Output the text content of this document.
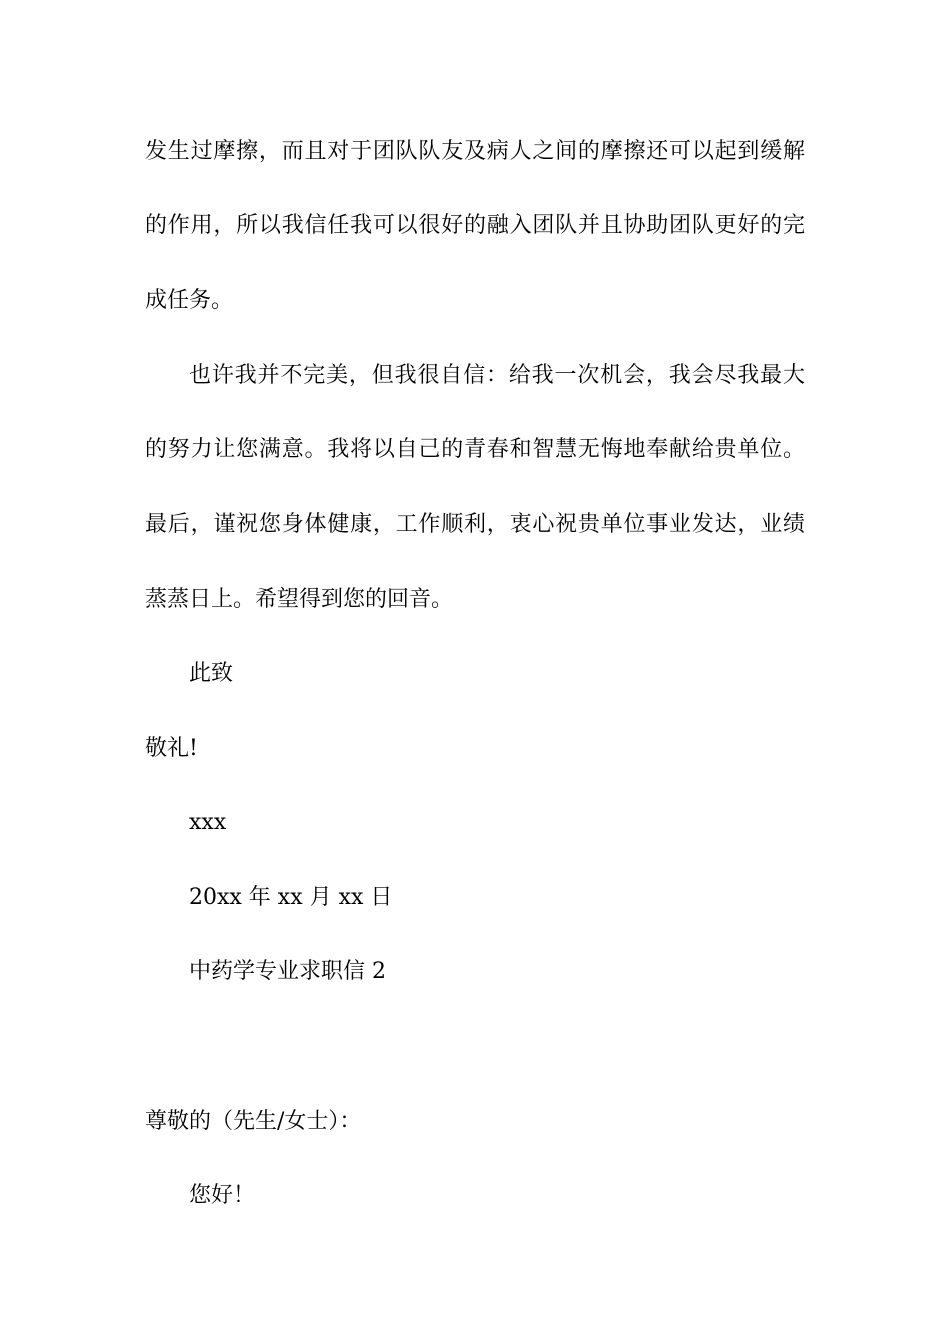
发生过摩擦，而且对于团队队友及病人之间的摩擦还可以起到缓解
的作用，所以我信任我可以很好的融入团队并且协助团队更好的完
成任务。
也许我并不完美，但我很自信：给我一次机会，我会尽我最大
的努力让您满意。我将以自己的青春和智慧无悔地奉献给贵单位。
最后，谨祝您身体健康，工作顺利，衷心祝贵单位事业发达，业绩
蒸蒸日上。希望得到您的回音。
此致
敬礼!
xxx
20xx 年 xx 月 xx 日
中药学专业求职信 2
尊敬的（先生/女士）：
您好！
